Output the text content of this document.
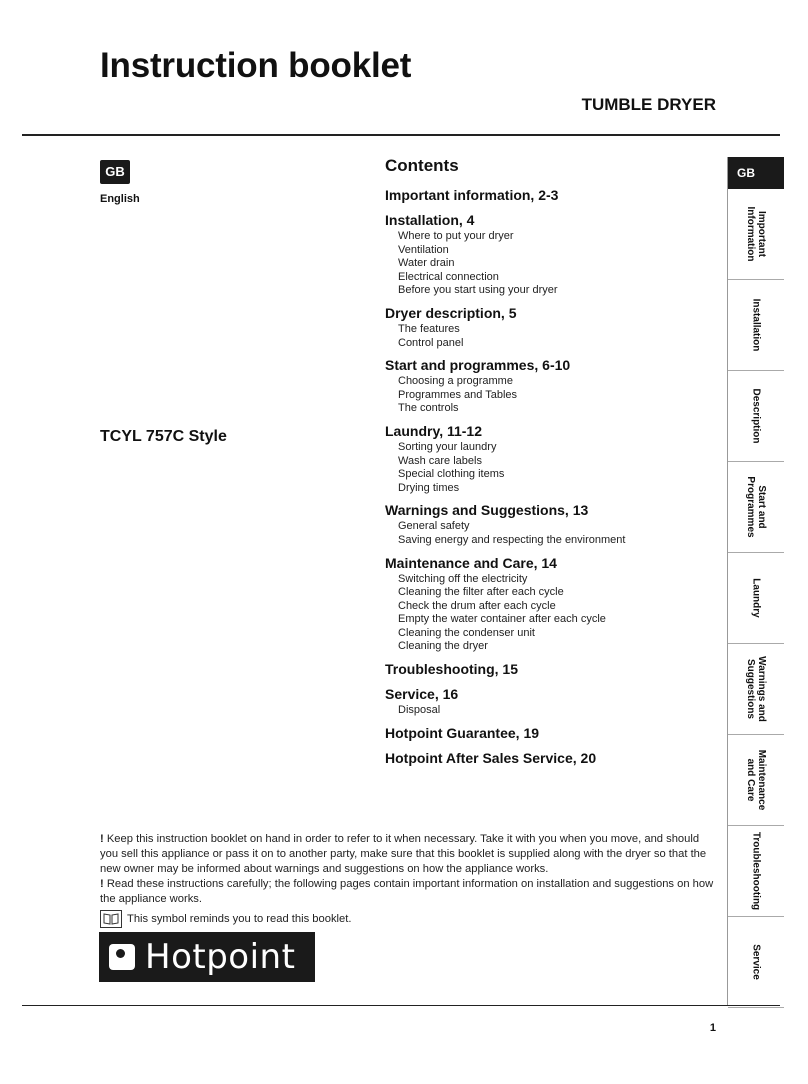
Instruction booklet
TUMBLE DRYER
GB
English
TCYL 757C Style
Contents
Important information, 2-3
Installation, 4
Where to put your dryer
Ventilation
Water drain
Electrical connection
Before you start using your dryer
Dryer description, 5
The features
Control panel
Start and programmes, 6-10
Choosing a programme
Programmes and Tables
The controls
Laundry, 11-12
Sorting your laundry
Wash care labels
Special clothing items
Drying times
Warnings and Suggestions, 13
General safety
Saving energy and respecting the environment
Maintenance and Care, 14
Switching off the electricity
Cleaning the filter after each cycle
Check the drum after each cycle
Empty the water container after each cycle
Cleaning the condenser unit
Cleaning the dryer
Troubleshooting, 15
Service, 16
Disposal
Hotpoint Guarantee, 19
Hotpoint After Sales Service, 20
GB
Important
Information
Installation
Description
Start and
Programmes
Laundry
Warnings and
Suggestions
Maintenance
and Care
Troubleshooting
Service

! Keep this instruction booklet on hand in order to refer to it when necessary. Take it with you when you move, and should you sell this appliance or pass it on to another party, make sure that this booklet is supplied along with the dryer so that the new owner may be informed about warnings and suggestions on how the appliance works.

! Read these instructions carefully; the following pages contain important information on installation and suggestions on how the appliance works.

This symbol reminds you to read this booklet.
Hotpoint
1
